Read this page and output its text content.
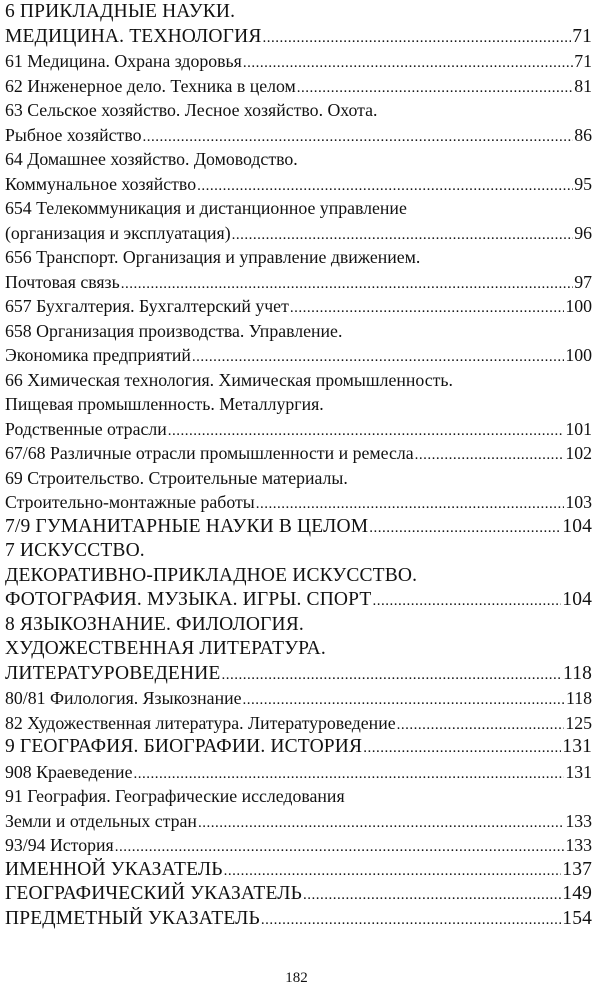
6 ПРИКЛАДНЫЕ НАУКИ.
МЕДИЦИНА. ТЕХНОЛОГИЯ .....	71
61 Медицина. Охрана здоровья .....	71
62 Инженерное дело. Техника в целом .....	81
63 Сельское хозяйство. Лесное хозяйство. Охота.
Рыбное хозяйство .....	86
64 Домашнее хозяйство. Домоводство.
Коммунальное хозяйство .....	95
654 Телекоммуникация и дистанционное управление
(организация и эксплуатация) .....	96
656 Транспорт. Организация и управление движением.
Почтовая связь .....	97
657 Бухгалтерия. Бухгалтерский учет .....	100
658 Организация производства. Управление.
Экономика предприятий .....	100
66 Химическая технология. Химическая промышленность.
Пищевая промышленность. Металлургия.
Родственные отрасли .....	101
67/68 Различные отрасли промышленности и ремесла .....	102
69 Строительство. Строительные материалы.
Строительно-монтажные работы .....	103
7/9 ГУМАНИТАРНЫЕ НАУКИ В ЦЕЛОМ .....	104
7 ИСКУССТВО.
ДЕКОРАТИВНО-ПРИКЛАДНОЕ ИСКУССТВО.
ФОТОГРАФИЯ. МУЗЫКА. ИГРЫ. СПОРТ .....	104
8 ЯЗЫКОЗНАНИЕ. ФИЛОЛОГИЯ.
ХУДОЖЕСТВЕННАЯ ЛИТЕРАТУРА.
ЛИТЕРАТУРОВЕДЕНИЕ .....	118
80/81 Филология. Языкознание .....	118
82 Художественная литература. Литературоведение .....	125
9 ГЕОГРАФИЯ. БИОГРАФИИ. ИСТОРИЯ .....	131
908 Краеведение .....	131
91 География. Географические исследования
Земли и отдельных стран .....	133
93/94 История .....	133
ИМЕННОЙ УКАЗАТЕЛЬ .....	137
ГЕОГРАФИЧЕСКИЙ УКАЗАТЕЛЬ .....	149
ПРЕДМЕТНЫЙ УКАЗАТЕЛЬ .....	154
182
